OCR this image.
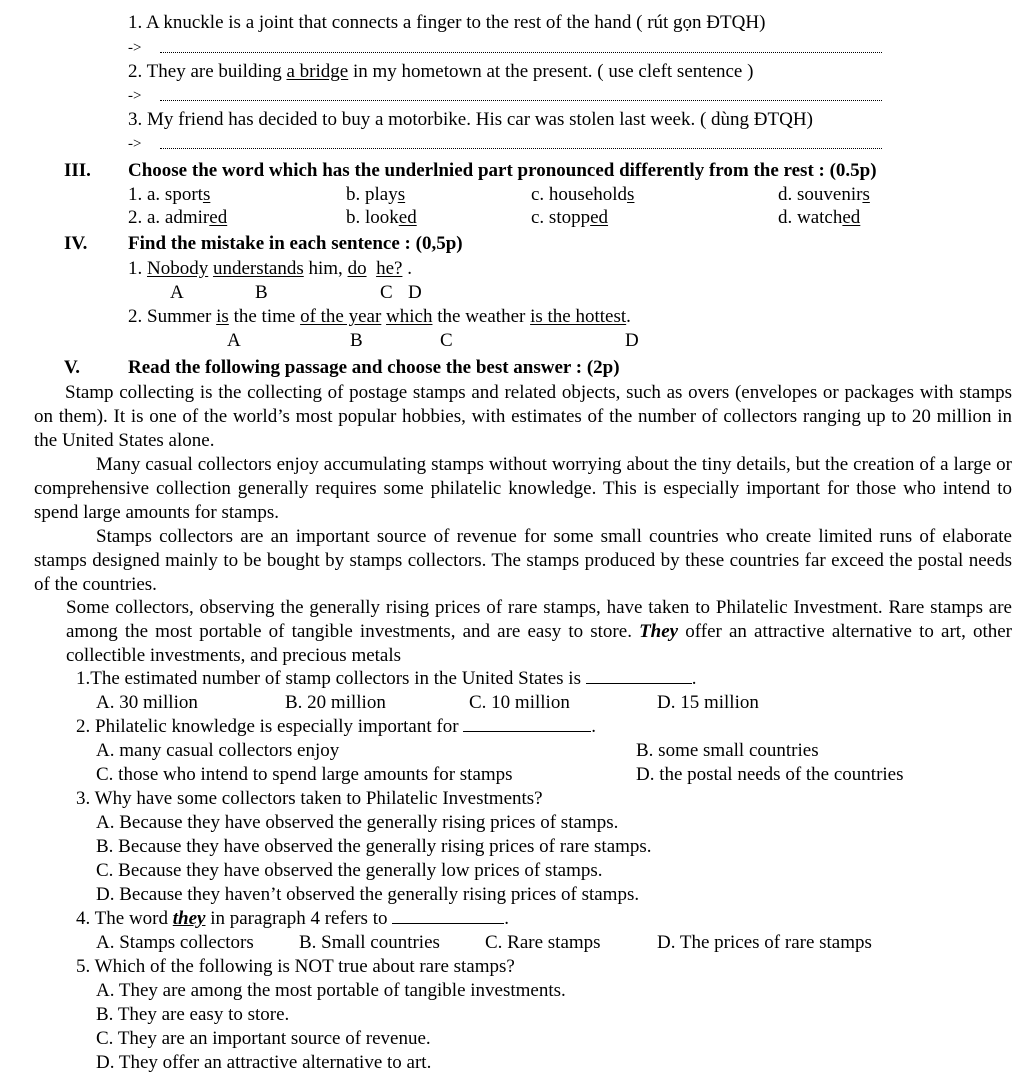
1. A knuckle is a joint that connects a finger to the rest of the hand ( rút gọn ĐTQH)
->
2. They are building a bridge in my hometown at the present. ( use cleft sentence )
->
3. My friend has decided to buy a motorbike. His car was stolen last week. ( dùng ĐTQH)
->
III. Choose the word which has the underlnied part pronounced differently from the rest : (0.5p)
1. a. sports	b. plays	c. households	d. souvenirs
2. a. admired	b. looked	c. stopped	d. watched
IV. Find the mistake in each sentence : (0,5p)
1. Nobody understands him, do he? .
A	B	C D
2. Summer is the time of the year which the weather is the hottest.
A	B	C	D
V.	Read the following passage and choose the best answer : (2p)
Stamp collecting is the collecting of postage stamps and related objects, such as overs (envelopes or packages with stamps on them). It is one of the world’s most popular hobbies, with estimates of the number of collectors ranging up to 20 million in the United States alone.
Many casual collectors enjoy accumulating stamps without worrying about the tiny details, but the creation of a large or comprehensive collection generally requires some philatelic knowledge. This is especially important for those who intend to spend large amounts for stamps.
Stamps collectors are an important source of revenue for some small countries who create limited runs of elaborate stamps designed mainly to be bought by stamps collectors. The stamps produced by these countries far exceed the postal needs of the countries.
Some collectors, observing the generally rising prices of rare stamps, have taken to Philatelic Investment. Rare stamps are among the most portable of tangible investments, and are easy to store. They offer an attractive alternative to art, other collectible investments, and precious metals
1.The estimated number of stamp collectors in the United States is	.
A. 30 million	B. 20 million	C. 10 million	D. 15 million
2. Philatelic knowledge is especially important for	.
A. many casual collectors enjoy	B. some small countries
C. those who intend to spend large amounts for stamps	D. the postal needs of the countries
3. Why have some collectors taken to Philatelic Investments?
A. Because they have observed the generally rising prices of stamps.
B. Because they have observed the generally rising prices of rare stamps.
C. Because they have observed the generally low prices of stamps.
D. Because they haven’t observed the generally rising prices of stamps.
4. The word they in paragraph 4 refers to	.
A. Stamps collectors B. Small countries C. Rare stamps	D. The prices of rare stamps
5. Which of the following is NOT true about rare stamps?
A. They are among the most portable of tangible investments.
B. They are easy to store.
C. They are an important source of revenue.
D. They offer an attractive alternative to art.
